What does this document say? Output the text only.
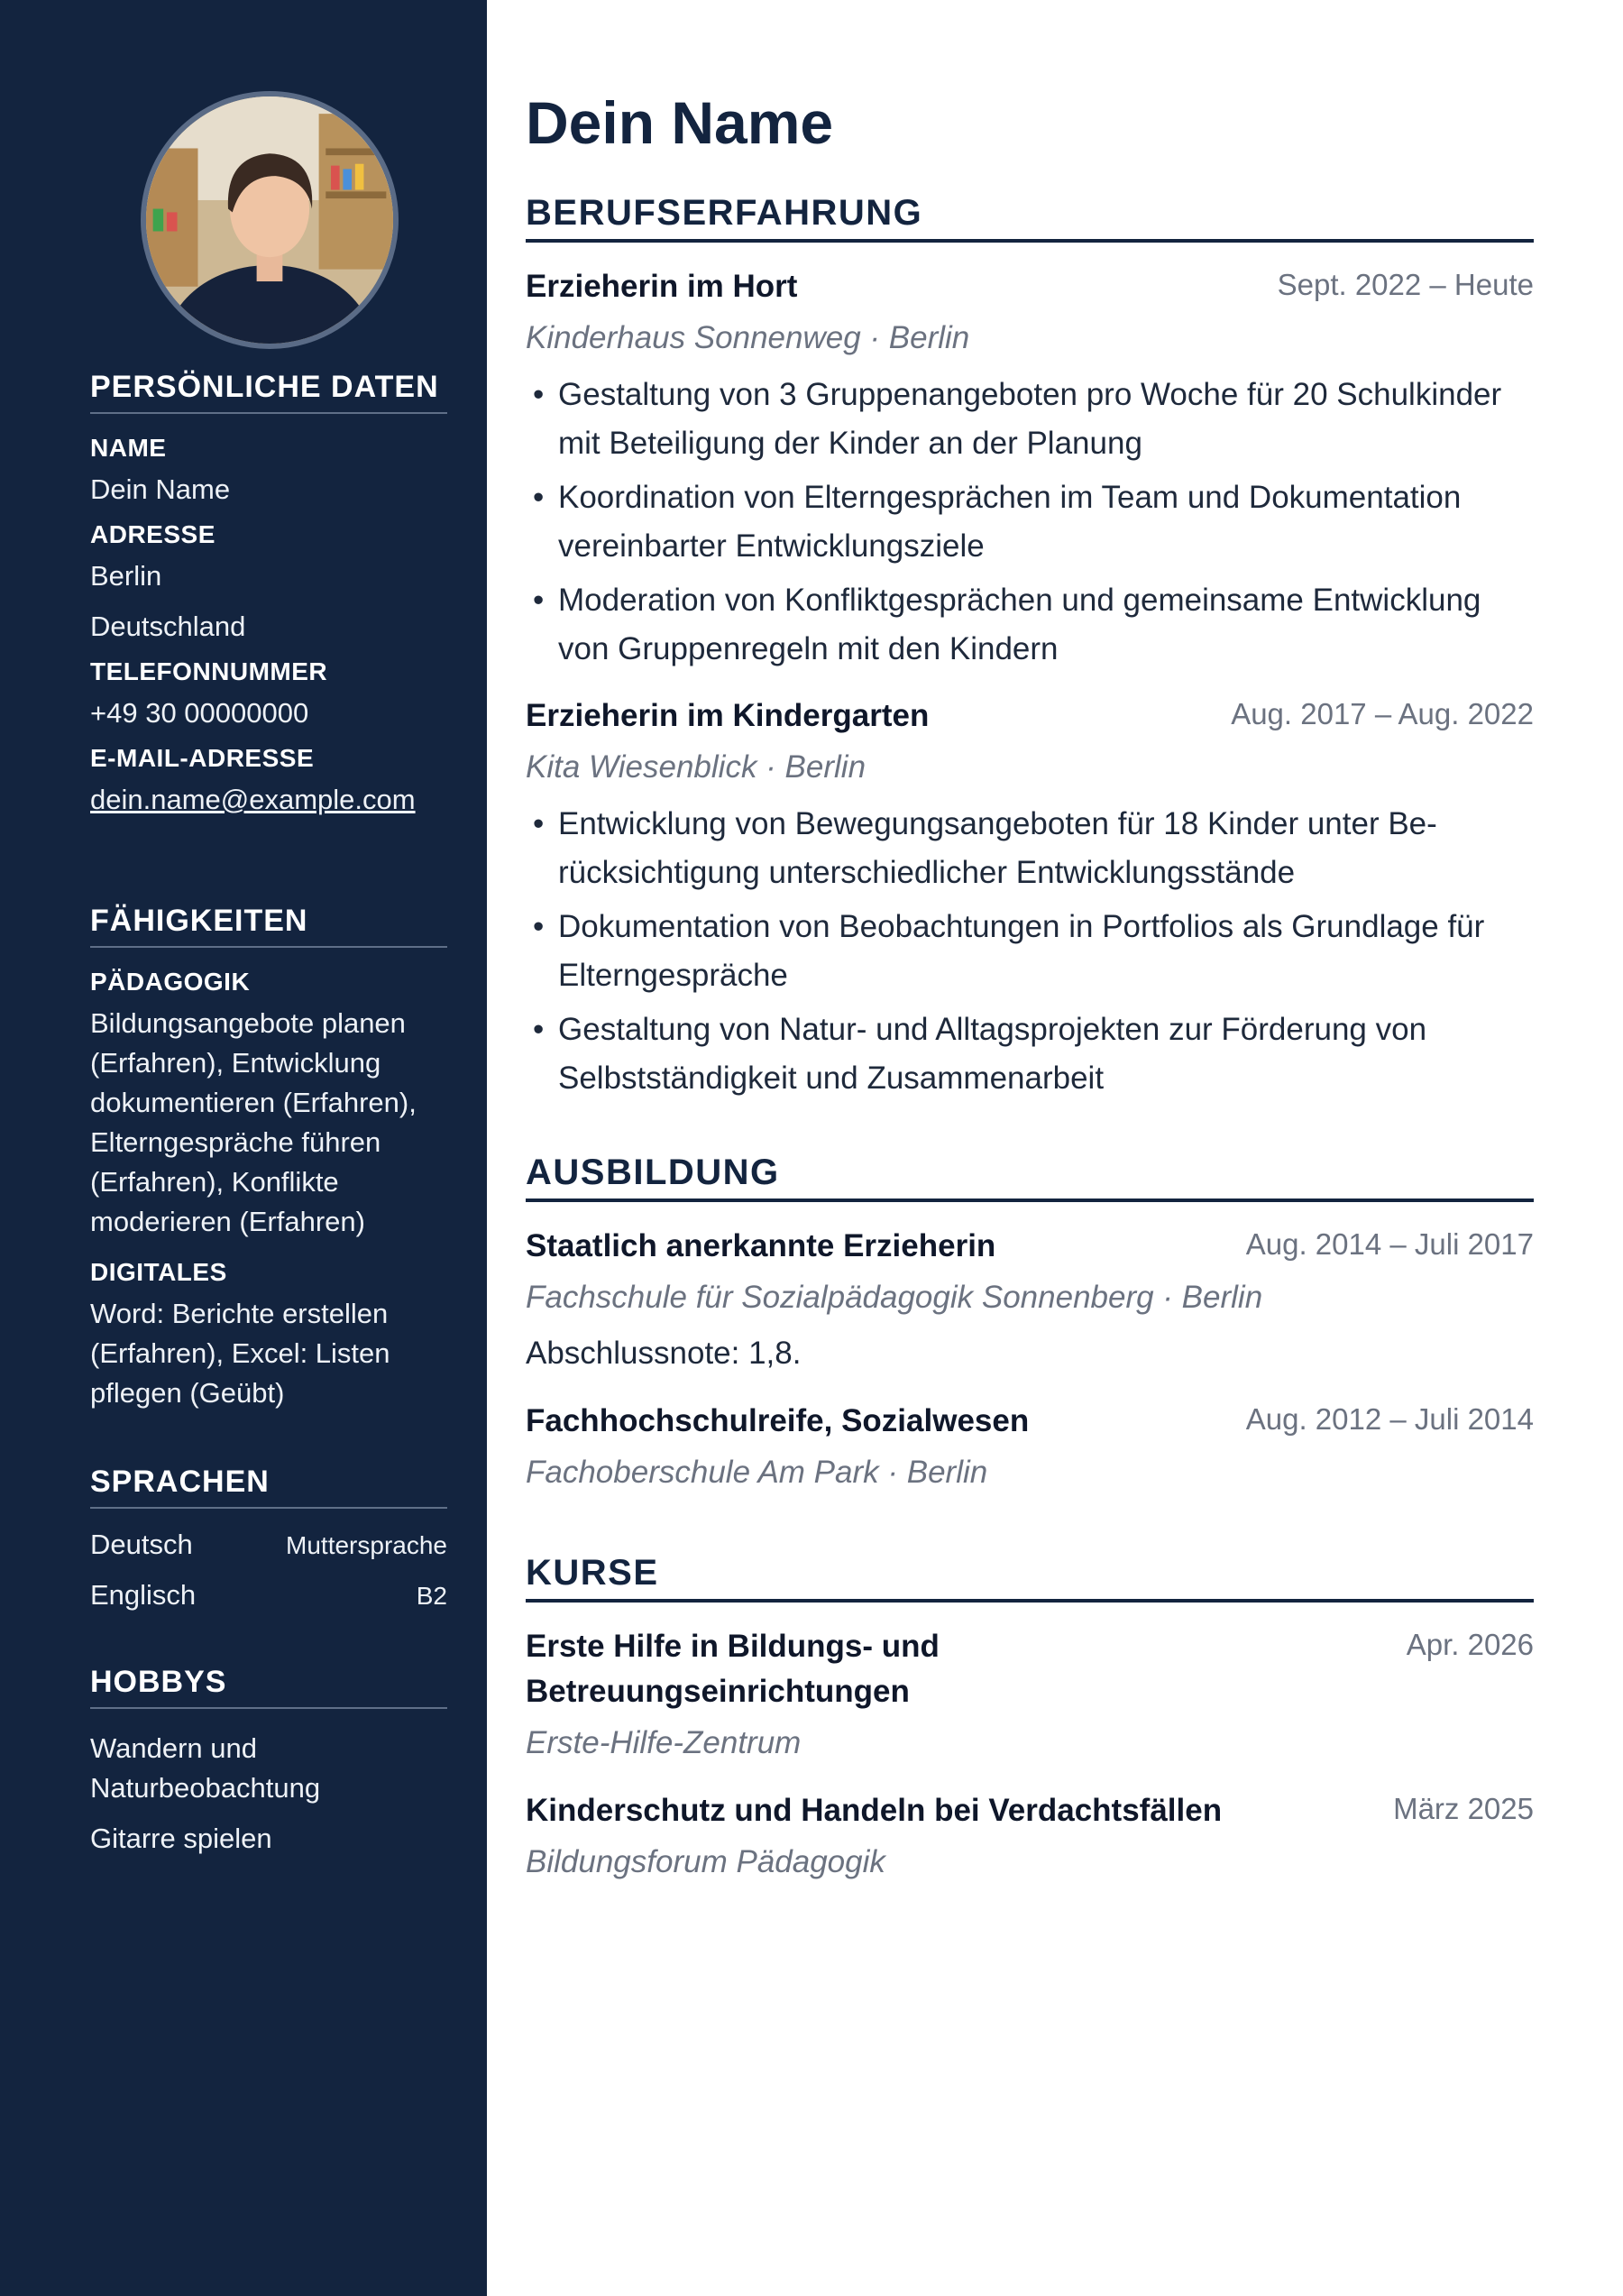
PERSÖNLICHE DATEN
NAME
Dein Name
ADRESSE
Berlin
Deutschland
TELEFONNUMMER
+49 30 00000000
E-MAIL-ADRESSE
dein.name@example.com
FÄHIGKEITEN
PÄDAGOGIK
Bildungsangebote planen (Erfahren), Entwicklung dokumentieren (Erfahren), Elterngespräche führen (Erfahren), Konflikte moderieren (Erfahren)
DIGITALES
Word: Berichte erstellen (Erfahren), Excel: Listen pflegen (Geübt)
SPRACHEN
Deutsch	Muttersprache
Englisch	B2
HOBBYS
Wandern und Naturbeobachtung
Gitarre spielen
Dein Name
BERUFSERFAHRUNG
Erzieherin im Hort	Sept. 2022 – Heute
Kinderhaus Sonnenweg · Berlin
• Gestaltung von 3 Gruppenangeboten pro Woche für 20 Schulkinder mit Beteiligung der Kinder an der Planung
• Koordination von Elterngesprächen im Team und Dokumentation vereinbarter Entwicklungsziele
• Moderation von Konfliktgesprächen und gemeinsame Entwicklung von Gruppenregeln mit den Kindern
Erzieherin im Kindergarten	Aug. 2017 – Aug. 2022
Kita Wiesenblick · Berlin
• Entwicklung von Bewegungsangeboten für 18 Kinder unter Berücksichtigung unterschiedlicher Entwicklungsstände
• Dokumentation von Beobachtungen in Portfolios als Grundlage für Elterngespräche
• Gestaltung von Natur- und Alltagsprojekten zur Förderung von Selbstständigkeit und Zusammenarbeit
AUSBILDUNG
Staatlich anerkannte Erzieherin	Aug. 2014 – Juli 2017
Fachschule für Sozialpädagogik Sonnenberg · Berlin
Abschlussnote: 1,8.
Fachhochschulreife, Sozialwesen	Aug. 2012 – Juli 2014
Fachoberschule Am Park · Berlin
KURSE
Erste Hilfe in Bildungs- und Betreuungseinrichtungen
Apr. 2026
Erste-Hilfe-Zentrum
Kinderschutz und Handeln bei Verdachtsfällen	März 2025
Bildungsforum Pädagogik
